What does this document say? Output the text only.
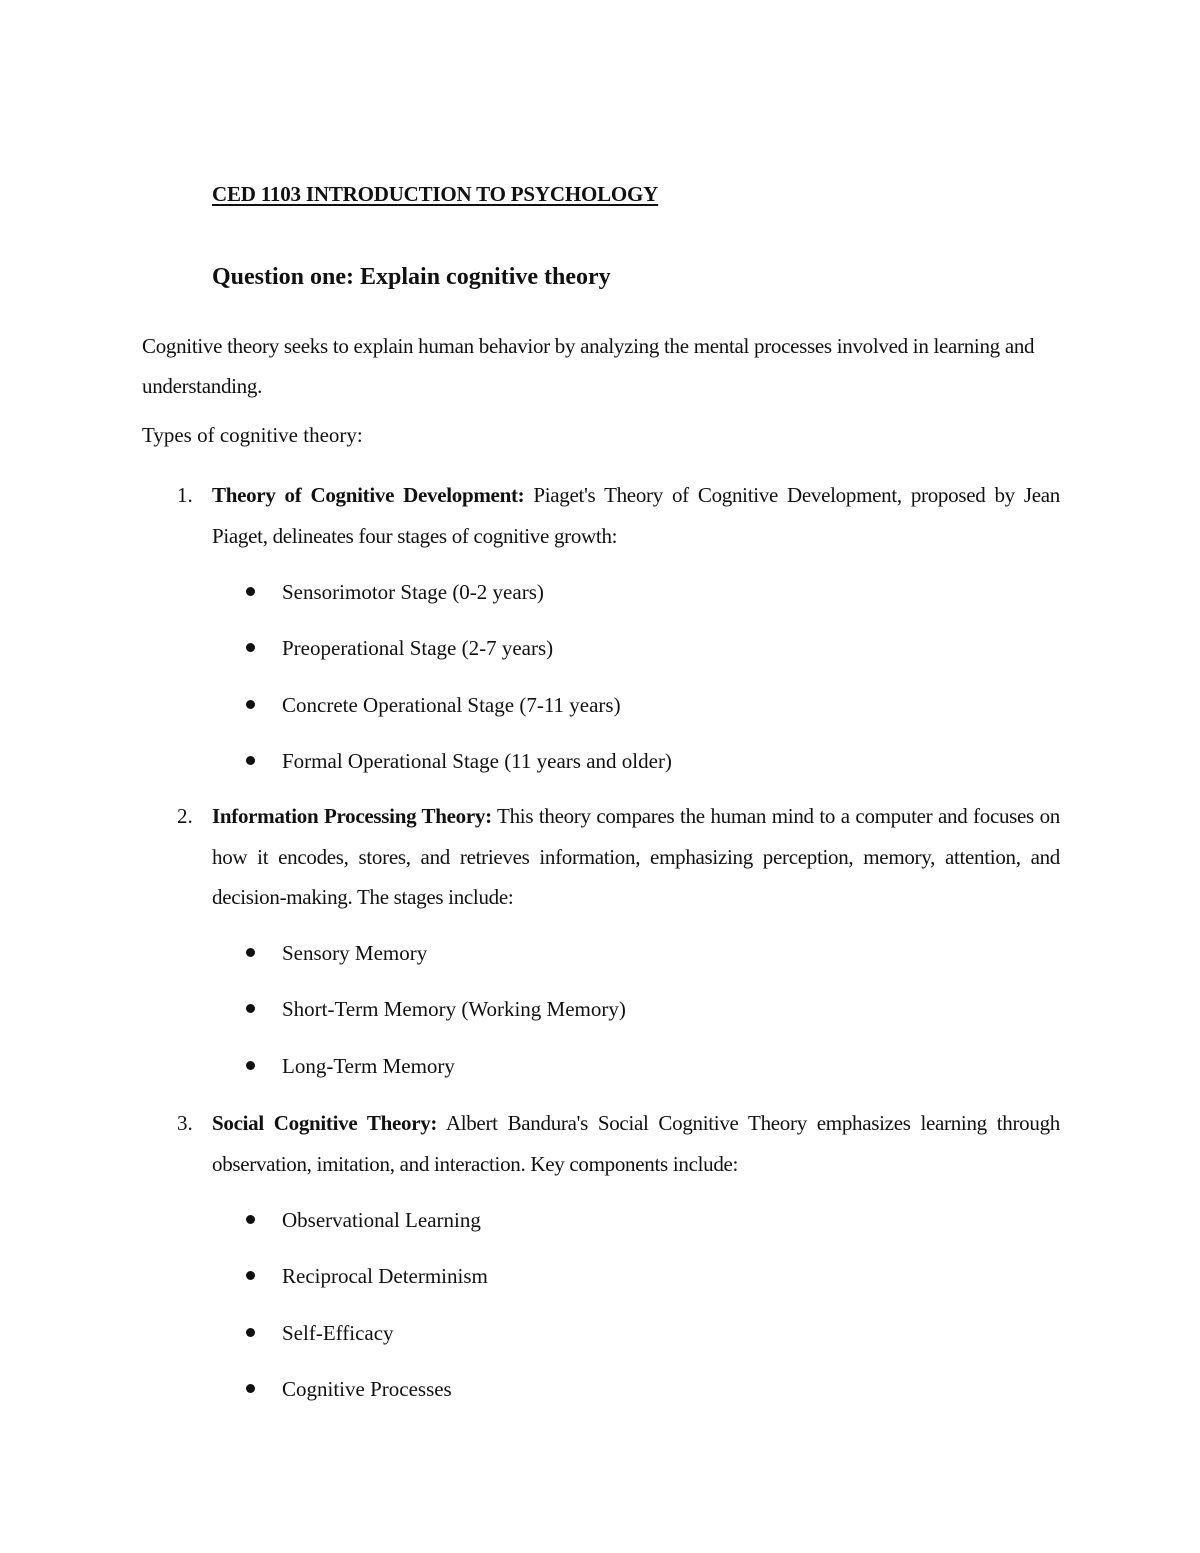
CED 1103 INTRODUCTION TO PSYCHOLOGY
Question one: Explain cognitive theory
Cognitive theory seeks to explain human behavior by analyzing the mental processes involved in learning and understanding.
Types of cognitive theory:
1. Theory of Cognitive Development: Piaget's Theory of Cognitive Development, proposed by Jean Piaget, delineates four stages of cognitive growth:
Sensorimotor Stage (0-2 years)
Preoperational Stage (2-7 years)
Concrete Operational Stage (7-11 years)
Formal Operational Stage (11 years and older)
2. Information Processing Theory: This theory compares the human mind to a computer and focuses on how it encodes, stores, and retrieves information, emphasizing perception, memory, attention, and decision-making. The stages include:
Sensory Memory
Short-Term Memory (Working Memory)
Long-Term Memory
3. Social Cognitive Theory: Albert Bandura's Social Cognitive Theory emphasizes learning through observation, imitation, and interaction. Key components include:
Observational Learning
Reciprocal Determinism
Self-Efficacy
Cognitive Processes
